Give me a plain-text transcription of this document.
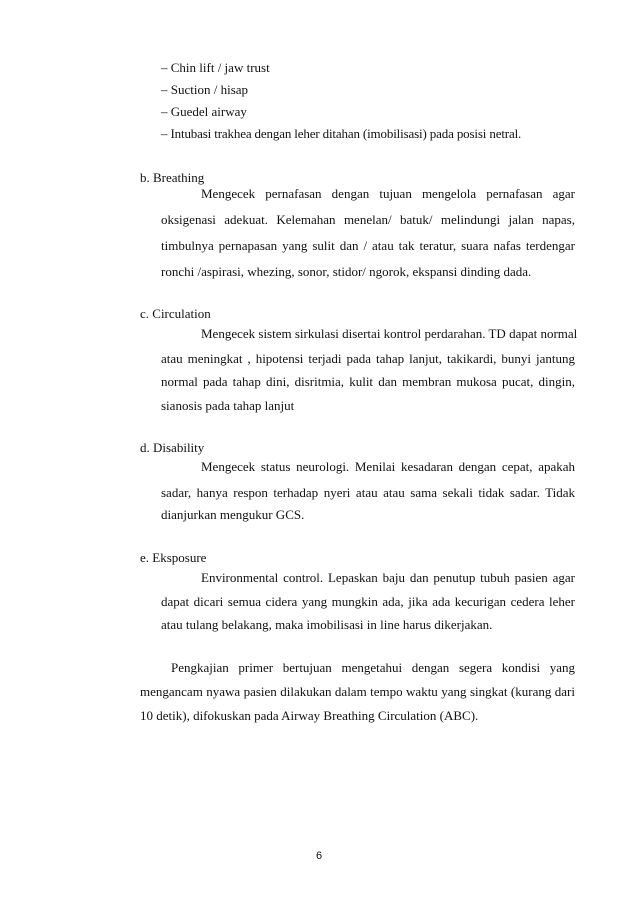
– Chin lift / jaw trust
– Suction / hisap
– Guedel airway
– Intubasi trakhea dengan leher ditahan (imobilisasi) pada posisi netral.
b. Breathing
Mengecek pernafasan dengan tujuan mengelola pernafasan agar
oksigenasi adekuat. Kelemahan menelan/ batuk/ melindungi jalan napas,
timbulnya pernapasan yang sulit dan / atau tak teratur, suara nafas terdengar
ronchi /aspirasi, whezing, sonor, stidor/ ngorok, ekspansi dinding dada.
c. Circulation
Mengecek sistem sirkulasi disertai kontrol perdarahan. TD dapat normal
atau meningkat , hipotensi terjadi pada tahap lanjut, takikardi, bunyi jantung
normal pada tahap dini, disritmia, kulit dan membran mukosa pucat, dingin,
sianosis pada tahap lanjut
d. Disability
Mengecek status neurologi. Menilai kesadaran dengan cepat, apakah
sadar, hanya respon terhadap nyeri atau atau sama sekali tidak sadar. Tidak
dianjurkan mengukur GCS.
e. Eksposure
Environmental control. Lepaskan baju dan penutup tubuh pasien agar
dapat dicari semua cidera yang mungkin ada, jika ada kecurigan cedera leher
atau tulang belakang, maka imobilisasi in line harus dikerjakan.
Pengkajian primer bertujuan mengetahui dengan segera kondisi yang
mengancam nyawa pasien dilakukan dalam tempo waktu yang singkat (kurang dari
10 detik), difokuskan pada Airway Breathing Circulation (ABC).
6
